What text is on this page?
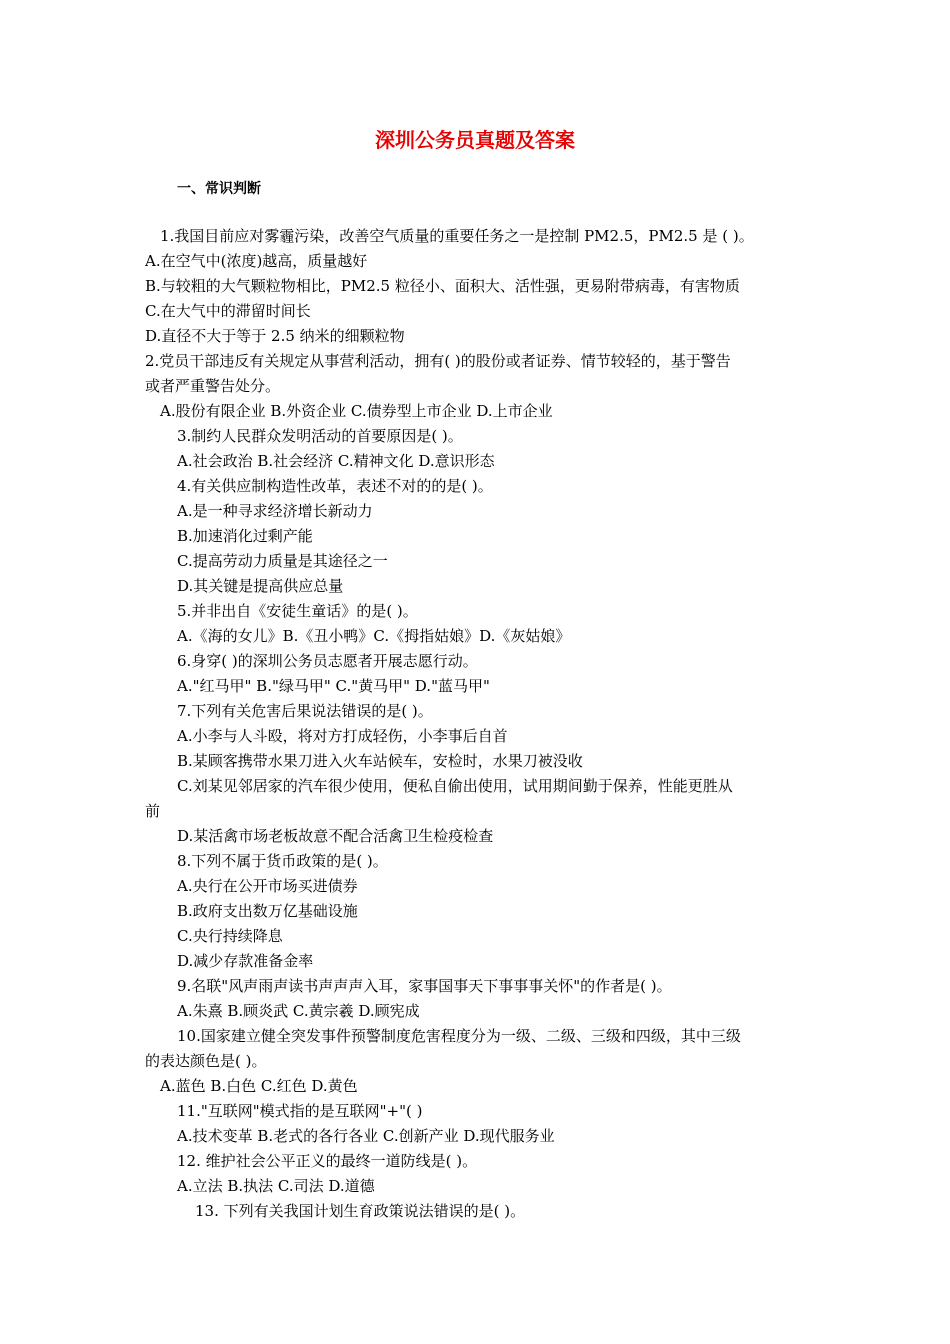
深圳公务员真题及答案
一、常识判断
1.我国目前应对雾霾污染，改善空气质量的重要任务之一是控制 PM2.5，PM2.5 是 ( )。
A.在空气中(浓度)越高，质量越好
B.与较粗的大气颗粒物相比，PM2.5 粒径小、面积大、活性强，更易附带病毒，有害物质
C.在大气中的滞留时间长
D.直径不大于等于 2.5 纳米的细颗粒物
2.党员干部违反有关规定从事营利活动，拥有( )的股份或者证券、情节较轻的，基于警告
或者严重警告处分。
A.股份有限企业 B.外资企业 C.债券型上市企业 D.上市企业
3.制约人民群众发明活动的首要原因是( )。
A.社会政治 B.社会经济 C.精神文化 D.意识形态
4.有关供应制构造性改革，表述不对的的是( )。
A.是一种寻求经济增长新动力
B.加速消化过剩产能
C.提高劳动力质量是其途径之一
D.其关键是提高供应总量
5.并非出自《安徒生童话》的是( )。
A.《海的女儿》B.《丑小鸭》C.《拇指姑娘》D.《灰姑娘》
6.身穿( )的深圳公务员志愿者开展志愿行动。
A."红马甲" B."绿马甲" C."黄马甲" D."蓝马甲"
7.下列有关危害后果说法错误的是( )。
A.小李与人斗殴，将对方打成轻伤，小李事后自首
B.某顾客携带水果刀进入火车站候车，安检时，水果刀被没收
C.刘某见邻居家的汽车很少使用，便私自偷出使用，试用期间勤于保养，性能更胜从
前
D.某活禽市场老板故意不配合活禽卫生检疫检查
8.下列不属于货币政策的是( )。
A.央行在公开市场买进债券
B.政府支出数万亿基础设施
C.央行持续降息
D.减少存款准备金率
9.名联"风声雨声读书声声声入耳，家事国事天下事事事关怀"的作者是( )。
A.朱熹 B.顾炎武 C.黄宗羲 D.顾宪成
10.国家建立健全突发事件预警制度危害程度分为一级、二级、三级和四级，其中三级
的表达颜色是( )。
A.蓝色 B.白色 C.红色 D.黄色
11."互联网"模式指的是互联网"+"( )
A.技术变革 B.老式的各行各业 C.创新产业 D.现代服务业
12. 维护社会公平正义的最终一道防线是( )。
A.立法 B.执法 C.司法 D.道德
13. 下列有关我国计划生育政策说法错误的是( )。
